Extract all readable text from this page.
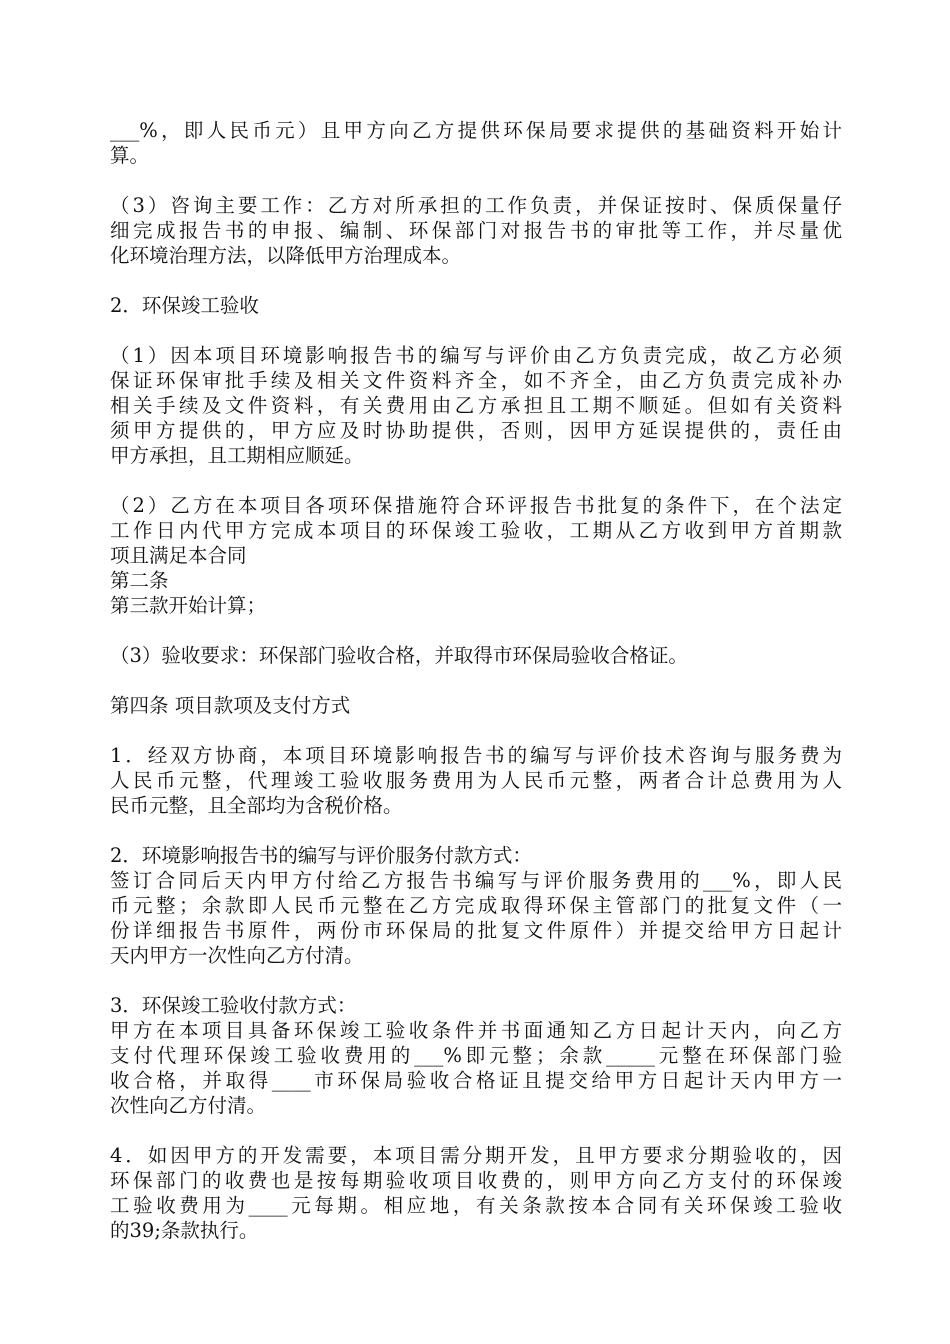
___%，即人民币元）且甲方向乙方提供环保局要求提供的基础资料开始计
算。

（3）咨询主要工作：乙方对所承担的工作负责，并保证按时、保质保量仔
细完成报告书的申报、编制、环保部门对报告书的审批等工作，并尽量优
化环境治理方法，以降低甲方治理成本。

2．环保竣工验收

（1）因本项目环境影响报告书的编写与评价由乙方负责完成，故乙方必须
保证环保审批手续及相关文件资料齐全，如不齐全，由乙方负责完成补办
相关手续及文件资料，有关费用由乙方承担且工期不顺延。但如有关资料
须甲方提供的，甲方应及时协助提供，否则，因甲方延误提供的，责任由
甲方承担，且工期相应顺延。

（2）乙方在本项目各项环保措施符合环评报告书批复的条件下，在个法定
工作日内代甲方完成本项目的环保竣工验收，工期从乙方收到甲方首期款
项且满足本合同
第二条
第三款开始计算；

（3）验收要求：环保部门验收合格，并取得市环保局验收合格证。

第四条 项目款项及支付方式

1．经双方协商，本项目环境影响报告书的编写与评价技术咨询与服务费为
人民币元整，代理竣工验收服务费用为人民币元整，两者合计总费用为人
民币元整，且全部均为含税价格。

2．环境影响报告书的编写与评价服务付款方式：
签订合同后天内甲方付给乙方报告书编写与评价服务费用的___%，即人民
币元整；余款即人民币元整在乙方完成取得环保主管部门的批复文件（一
份详细报告书原件，两份市环保局的批复文件原件）并提交给甲方日起计
天内甲方一次性向乙方付清。

3．环保竣工验收付款方式：
甲方在本项目具备环保竣工验收条件并书面通知乙方日起计天内，向乙方
支付代理环保竣工验收费用的___%即元整；余款_____元整在环保部门验
收合格，并取得____市环保局验收合格证且提交给甲方日起计天内甲方一
次性向乙方付清。

4．如因甲方的开发需要，本项目需分期开发，且甲方要求分期验收的，因
环保部门的收费也是按每期验收项目收费的，则甲方向乙方支付的环保竣
工验收费用为____元每期。相应地，有关条款按本合同有关环保竣工验收
的39;条款执行。
